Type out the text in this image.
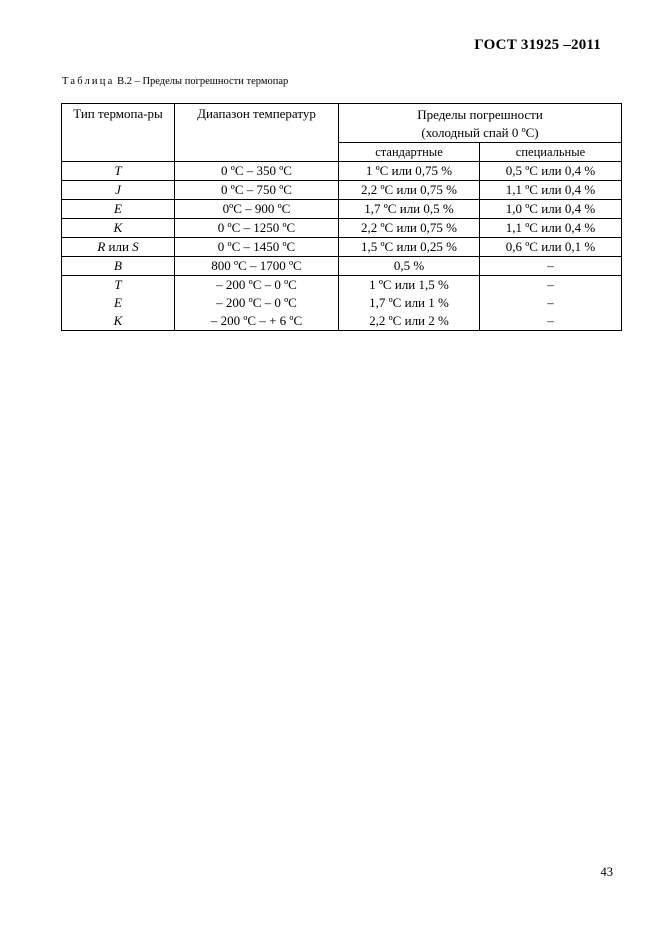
ГОСТ 31925 –2011
Таблица В.2 – Пределы погрешности термопар
Тип термопа-ры	Диапазон температур	Пределы погрешности
(холодный спай 0 ºС)	

		стандартные	специальные
T	0 ºС – 350 ºС	1 ºС или 0,75 %	0,5 ºС или 0,4 %
J	0 ºС – 750 ºС	2,2 ºС или 0,75 %	1,1 ºС или 0,4 %
E	0ºС – 900 ºС	1,7 ºС или 0,5 %	1,0 ºС или 0,4 %
K	0 ºС – 1250 ºС	2,2 ºС или 0,75 %	1,1 ºС или 0,4 %
R или S	0 ºС – 1450 ºС	1,5 ºС или 0,25 %	0,6 ºС или 0,1 %
B	800 ºС – 1700 ºС	0,5 %	–
T	– 200 ºС – 0 ºС	1 ºС или 1,5 %	–
E	– 200 ºС – 0 ºС	1,7 ºС или 1 %	–
K	– 200 ºС – + 6 ºС	2,2 ºС или 2 %	–
43
